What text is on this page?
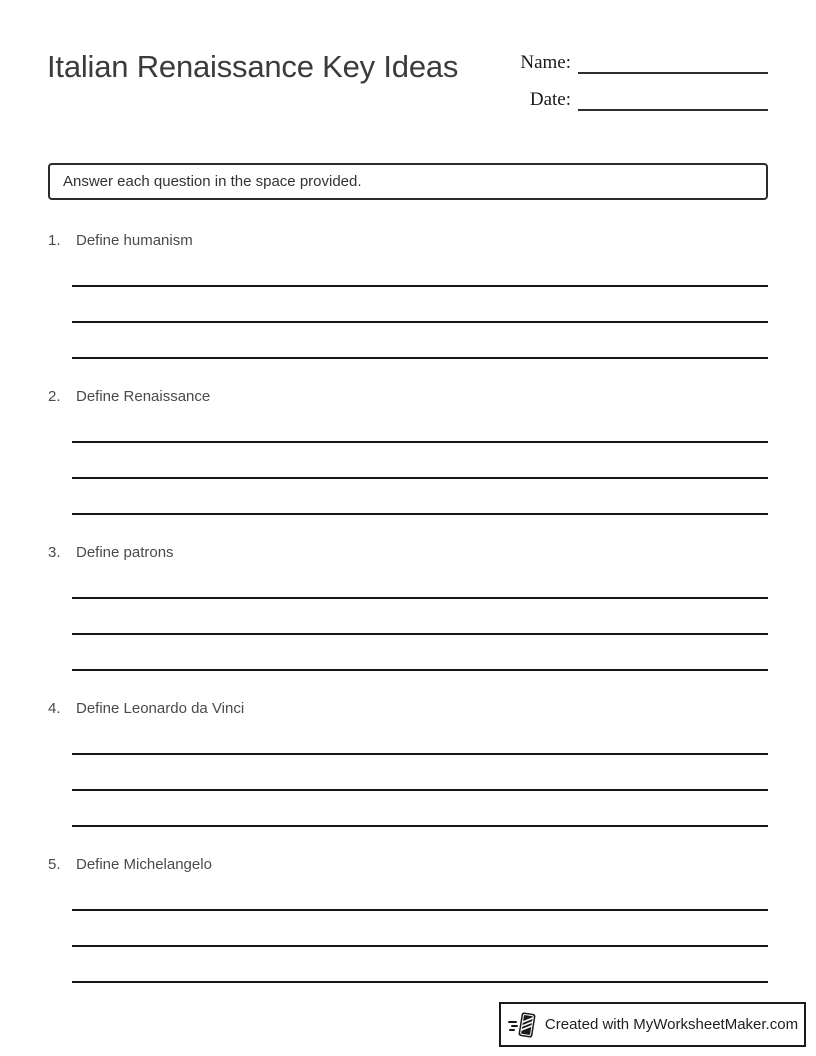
Italian Renaissance Key Ideas	Name:
Date:
Answer each question in the space provided.
1.	Define humanism
2.	Define Renaissance
3.	Define patrons
4.	Define Leonardo da Vinci
5.	Define Michelangelo
Created with MyWorksheetMaker.com
